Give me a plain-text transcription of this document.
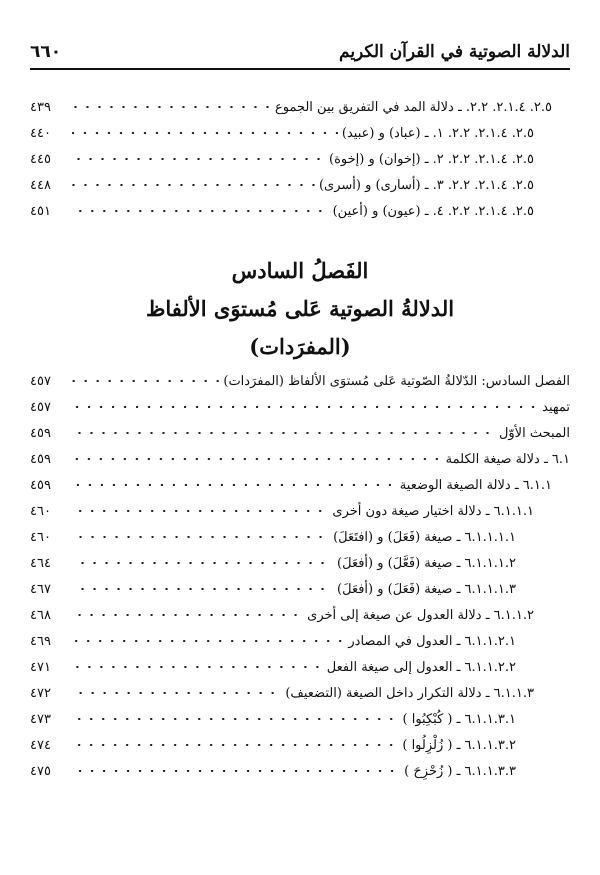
الدلالة الصوتية في القرآن الكريم
٦٦٠
٢.٥. ٢.١.٤. ٢.٢. ـ دلالة المد في التفريق بين الجموع
٤٣٩
٢.٥. ٢.١.٤. ٢.٢. ١. ـ (عباد) و (عبيد)
٤٤٠
٢.٥. ٢.١.٤. ٢.٢. ٢. ـ (إخوان) و (إخوة)
٤٤٥
٢.٥. ٢.١.٤. ٢.٢. ٣. ـ (أسارى) و (أسرى)
٤٤٨
٢.٥. ٢.١.٤. ٢.٢. ٤. ـ (عيون) و (أعين)
٤٥١
الفَصلُ السادس
الدلالةُ الصوتية عَلى مُستوَى الألفاظ
(المفرَدات)
الفصل السادس: الدّلالةُ الصّوتية عَلى مُستوَى الألفاظ (المفرَدات)
٤٥٧
تمهيد
٤٥٧
المبحث الأوّل
٤٥٩
٦.١ ـ دلالة صيغة الكلمة
٤٥٩
٦.١.١ ـ دلالة الصيغة الوضعية
٤٥٩
٦.١.١.١ ـ دلالة اختيار صيغة دون أخرى
٤٦٠
٦.١.١.١.١ ـ صيغة (فَعَلَ) و (افتَعَلَ)
٤٦٠
٦.١.١.١.٢ ـ صيغة (فَعَّلَ) و (أفعَلَ)
٤٦٤
٦.١.١.١.٣ ـ صيغة (فَعَلَ) و (أفعَلَ)
٤٦٧
٦.١.١.٢ ـ دلالة العدول عن صيغة إلى أخرى
٤٦٨
٦.١.١.٢.١ ـ العدول في المصادر
٤٦٩
٦.١.١.٢.٢ ـ العدول إلى صيغة الفعل
٤٧١
٦.١.١.٣ ـ دلالة التكرار داخل الصيغة (التضعيف)
٤٧٢
٦.١.١.٣.١ ـ ( كُبْكِبُوا )
٤٧٣
٦.١.١.٣.٢ ـ ( زُلْزِلُوا )
٤٧٤
٦.١.١.٣.٣ ـ ( زُحْزِحَ )
٤٧٥
